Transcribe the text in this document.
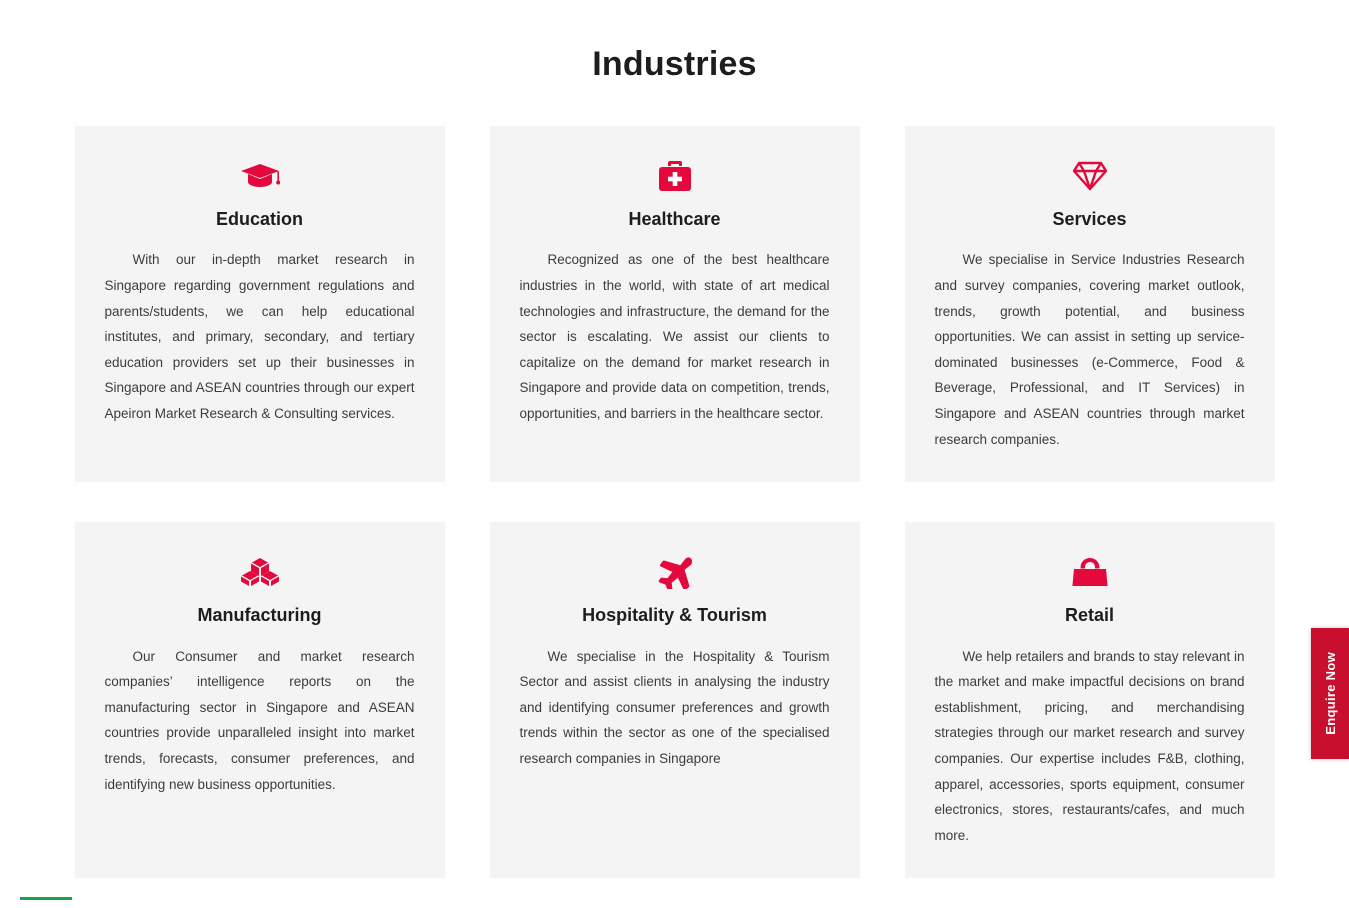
Industries
Education

With our in-depth market research in Singapore regarding government regulations and parents/students, we can help educational institutes, and primary, secondary, and tertiary education providers set up their businesses in Singapore and ASEAN countries through our expert Apeiron Market Research & Consulting services.

Healthcare

Recognized as one of the best healthcare industries in the world, with state of art medical technologies and infrastructure, the demand for the sector is escalating. We assist our clients to capitalize on the demand for market research in Singapore and provide data on competition, trends, opportunities, and barriers in the healthcare sector.

Services

We specialise in Service Industries Research and survey companies, covering market outlook, trends, growth potential, and business opportunities. We can assist in setting up service-dominated businesses (e-Commerce, Food & Beverage, Professional, and IT Services) in Singapore and ASEAN countries through market research companies.

Manufacturing

Our Consumer and market research companies’ intelligence reports on the manufacturing sector in Singapore and ASEAN countries provide unparalleled insight into market trends, forecasts, consumer preferences, and identifying new business opportunities.

Hospitality & Tourism

We specialise in the Hospitality & Tourism Sector and assist clients in analysing the industry and identifying consumer preferences and growth trends within the sector as one of the specialised research companies in Singapore

Retail

We help retailers and brands to stay relevant in the market and make impactful decisions on brand establishment, pricing, and merchandising strategies through our market research and survey companies. Our expertise includes F&B, clothing, apparel, accessories, sports equipment, consumer electronics, stores, restaurants/cafes, and much more.

Enquire Now
